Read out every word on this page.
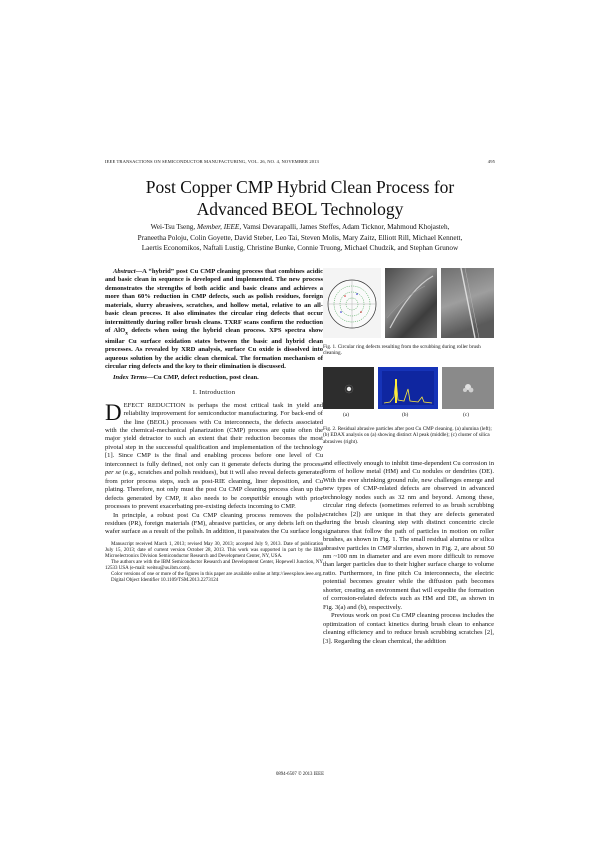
IEEE TRANSACTIONS ON SEMICONDUCTOR MANUFACTURING, VOL. 26, NO. 4, NOVEMBER 2013	495
Post Copper CMP Hybrid Clean Process for
Advanced BEOL Technology
Wei-Tsu Tseng, Member, IEEE, Vamsi Devarapalli, James Steffes, Adam Ticknor, Mahmoud Khojasteh,
Praneetha Poloju, Colin Goyette, David Steber, Leo Tai, Steven Molis, Mary Zaitz, Elliott Rill, Michael Kennett,
Laertis Economikos, Naftali Lustig, Christine Bunke, Connie Truong, Michael Chudzik, and Stephan Grunow

Abstract—A “hybrid” post Cu CMP cleaning process that combines acidic and basic clean in sequence is developed and implemented. The new process demonstrates the strengths of both acidic and basic cleans and achieves a more than 60% reduction in CMP defects, such as polish residues, foreign materials, slurry abrasives, scratches, and hollow metal, relative to an all-basic clean process. It also eliminates the circular ring defects that occur intermittently during roller brush cleans. TXRF scans confirm the reduction of AlO$_x$ defects when using the hybrid clean process. XPS spectra show similar Cu surface oxidation states between the basic and hybrid clean processes. As revealed by XRD analysis, surface Cu oxide is dissolved into aqueous solution by the acidic clean chemical. The formation mechanism of circular ring defects and the key to their elimination is discussed.

Index Terms—Cu CMP, defect reduction, post clean.

I. Introduction

DEFECT REDUCTION is perhaps the most critical task in yield and reliability improvement for semiconductor manufacturing. For back-end of the line (BEOL) processes with Cu interconnects, the defects associated with the chemical-mechanical planarization (CMP) process are quite often the major yield detractor to such an extent that their reduction becomes the most pivotal step in the successful qualification and implementation of the technology [1]. Since CMP is the final and enabling process before one level of Cu interconnect is fully defined, not only can it generate defects during the process per se (e.g., scratches and polish residues), but it will also reveal defects generated from prior process steps, such as post-RIE cleaning, liner deposition, and Cu plating. Therefore, not only must the post Cu CMP cleaning process clean up the defects generated by CMP, it also needs to be compatible enough with prior processes to prevent exacerbating pre-existing defects incoming to CMP.

In principle, a robust post Cu CMP cleaning process removes the polish residues (PR), foreign materials (FM), abrasive particles, or any debris left on the wafer surface as a result of the polish. In addition, it passivates the Cu surface long

Manuscript received March 1, 2013; revised May 30, 2013; accepted July 9, 2013. Date of publication July 15, 2013; date of current version October 28, 2013. This work was supported in part by the IBM Microelectronics Division Semiconductor Research and Development Center, NY, USA.

The authors are with the IBM Semiconductor Research and Development Center, Hopewell Junction, NY 12533 USA (e-mail: weitsu@us.ibm.com).

Color versions of one or more of the figures in this paper are available online at http://ieeexplore.ieee.org.

Digital Object Identifier 10.1109/TSM.2013.2273124

Fig. 1. Circular ring defects resulting from the scrubbing during roller brush cleaning.
(a)	(b)	(c)
Fig. 2. Residual abrasive particles after post Cu CMP cleaning. (a) alumina (left); (b) EDAX analysis on (a) showing distinct Al peak (middle); (c) cluster of silica abrasives (right).

and effectively enough to inhibit time-dependent Cu corrosion in form of hollow metal (HM) and Cu nodules or dendrites (DE). With the ever shrinking ground rule, new challenges emerge and new types of CMP-related defects are observed in advanced technology nodes such as 32 nm and beyond. Among these, circular ring defects (sometimes referred to as brush scrubbing scratches [2]) are unique in that they are defects generated during the brush cleaning step with distinct concentric circle signatures that follow the path of particles in motion on roller brushes, as shown in Fig. 1. The small residual alumina or silica abrasive particles in CMP slurries, shown in Fig. 2, are about 50 nm ~100 nm in diameter and are even more difficult to remove than larger particles due to their higher surface charge to volume ratio. Furthermore, in fine pitch Cu interconnects, the electric potential becomes greater while the diffusion path becomes shorter, creating an environment that will expedite the formation of corrosion-related defects such as HM and DE, as shown in Fig. 3(a) and (b), respectively.

Previous work on post Cu CMP cleaning process includes the optimization of contact kinetics during brush clean to enhance cleaning efficiency and to reduce brush scrubbing scratches [2], [3]. Regarding the clean chemical, the addition

0894-6507 © 2013 IEEE
